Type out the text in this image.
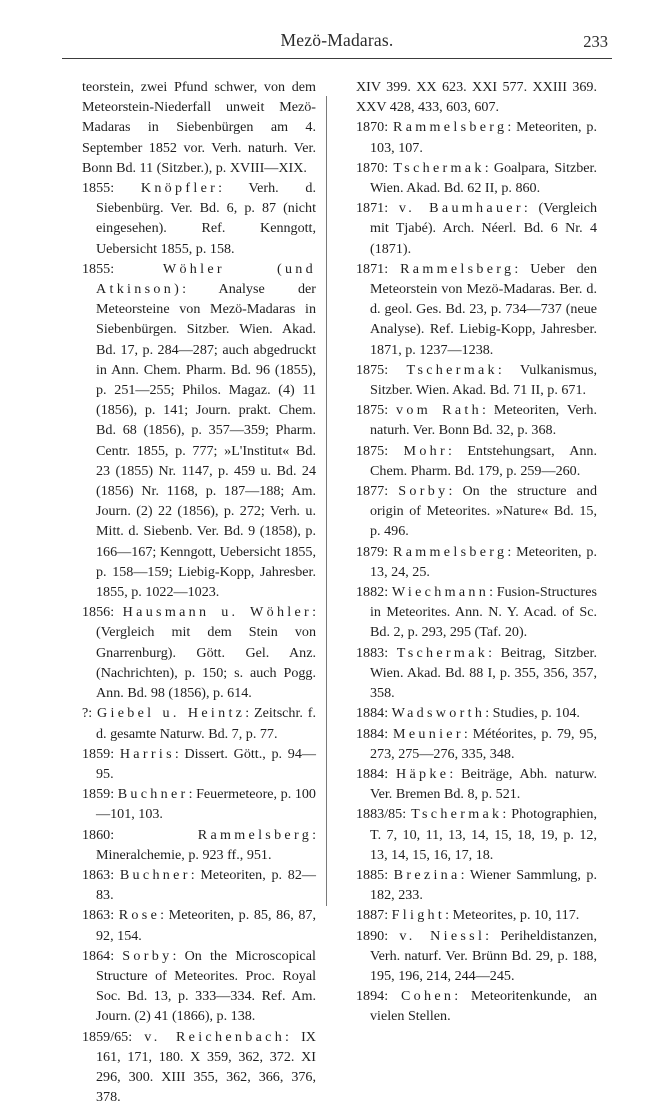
Mezö-Madaras.	233

teorstein, zwei Pfund schwer, von dem Meteorstein-Niederfall unweit Mezö-Madaras in Siebenbürgen am 4. September 1852 vor. Verh. naturh. Ver. Bonn Bd. 11 (Sitzber.), p. XVIII—XIX.

1855: Knöpfler: Verh. d. Siebenbürg. Ver. Bd. 6, p. 87 (nicht eingesehen). Ref. Kenngott, Uebersicht 1855, p. 158.

1855: Wöhler (und Atkinson): Analyse der Meteorsteine von Mezö-Madaras in Siebenbürgen. Sitzber. Wien. Akad. Bd. 17, p. 284—287; auch abgedruckt in Ann. Chem. Pharm. Bd. 96 (1855), p. 251—255; Philos. Magaz. (4) 11 (1856), p. 141; Journ. prakt. Chem. Bd. 68 (1856), p. 357—359; Pharm. Centr. 1855, p. 777; »L'Institut« Bd. 23 (1855) Nr. 1147, p. 459 u. Bd. 24 (1856) Nr. 1168, p. 187—188; Am. Journ. (2) 22 (1856), p. 272; Verh. u. Mitt. d. Siebenb. Ver. Bd. 9 (1858), p. 166—167; Kenngott, Uebersicht 1855, p. 158—159; Liebig-Kopp, Jahresber. 1855, p. 1022—1023.

1856: Hausmann u. Wöhler: (Vergleich mit dem Stein von Gnarrenburg). Gött. Gel. Anz. (Nachrichten), p. 150; s. auch Pogg. Ann. Bd. 98 (1856), p. 614.

?: Giebel u. Heintz: Zeitschr. f. d. gesamte Naturw. Bd. 7, p. 77.

1859: Harris: Dissert. Gött., p. 94—95.

1859: Buchner: Feuermeteore, p. 100—101, 103.

1860: Rammelsberg: Mineralchemie, p. 923 ff., 951.

1863: Buchner: Meteoriten, p. 82—83.

1863: Rose: Meteoriten, p. 85, 86, 87, 92, 154.

1864: Sorby: On the Microscopical Structure of Meteorites. Proc. Royal Soc. Bd. 13, p. 333—334. Ref. Am. Journ. (2) 41 (1866), p. 138.

1859/65: v. Reichenbach: IX 161, 171, 180. X 359, 362, 372. XI 296, 300. XIII 355, 362, 366, 376, 378.

XIV 399. XX 623. XXI 577. XXIII 369. XXV 428, 433, 603, 607.

1870: Rammelsberg: Meteoriten, p. 103, 107.

1870: Tschermak: Goalpara, Sitzber. Wien. Akad. Bd. 62 II, p. 860.

1871: v. Baumhauer: (Vergleich mit Tjabé). Arch. Néerl. Bd. 6 Nr. 4 (1871).

1871: Rammelsberg: Ueber den Meteorstein von Mezö-Madaras. Ber. d. d. geol. Ges. Bd. 23, p. 734—737 (neue Analyse). Ref. Liebig-Kopp, Jahresber. 1871, p. 1237—1238.

1875: Tschermak: Vulkanismus, Sitzber. Wien. Akad. Bd. 71 II, p. 671.

1875: vom Rath: Meteoriten, Verh. naturh. Ver. Bonn Bd. 32, p. 368.

1875: Mohr: Entstehungsart, Ann. Chem. Pharm. Bd. 179, p. 259—260.

1877: Sorby: On the structure and origin of Meteorites. »Nature« Bd. 15, p. 496.

1879: Rammelsberg: Meteoriten, p. 13, 24, 25.

1882: Wiechmann: Fusion-Structures in Meteorites. Ann. N. Y. Acad. of Sc. Bd. 2, p. 293, 295 (Taf. 20).

1883: Tschermak: Beitrag, Sitzber. Wien. Akad. Bd. 88 I, p. 355, 356, 357, 358.

1884: Wadsworth: Studies, p. 104.

1884: Meunier: Météorites, p. 79, 95, 273, 275—276, 335, 348.

1884: Häpke: Beiträge, Abh. naturw. Ver. Bremen Bd. 8, p. 521.

1883/85: Tschermak: Photographien, T. 7, 10, 11, 13, 14, 15, 18, 19, p. 12, 13, 14, 15, 16, 17, 18.

1885: Brezina: Wiener Sammlung, p. 182, 233.

1887: Flight: Meteorites, p. 10, 117.

1890: v. Niessl: Periheldistanzen, Verh. naturf. Ver. Brünn Bd. 29, p. 188, 195, 196, 214, 244—245.

1894: Cohen: Meteoritenkunde, an vielen Stellen.
